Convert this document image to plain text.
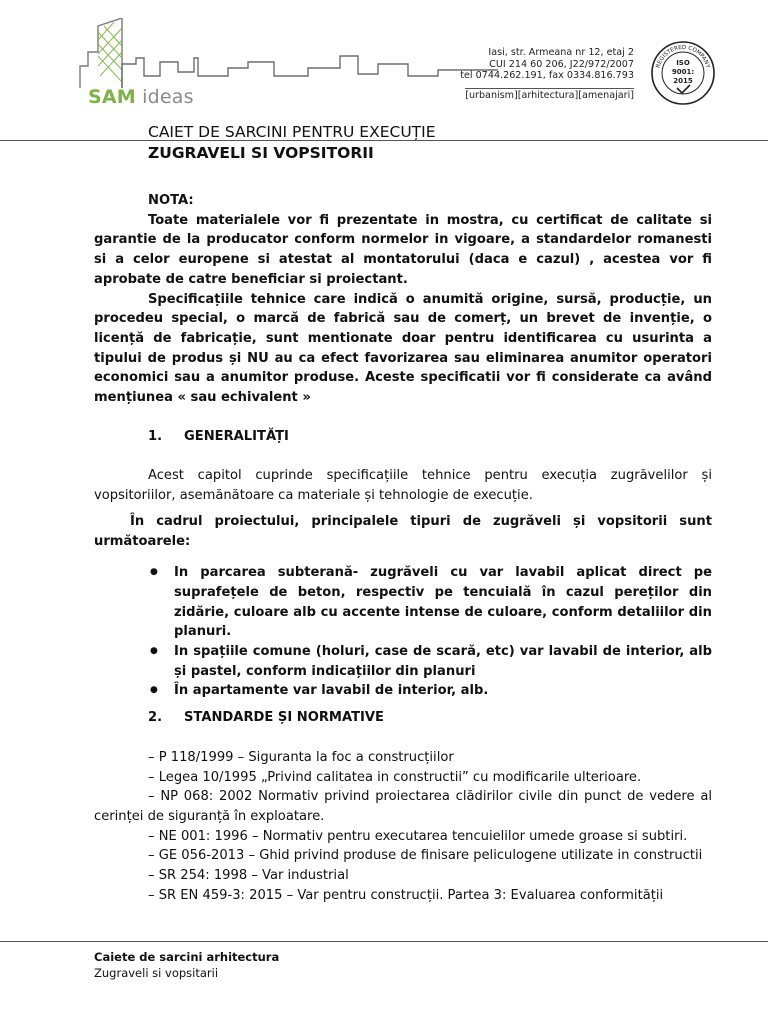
SAM ideas
Iasi, str. Armeana nr 12, etaj 2
CUI 214 60 206, J22/972/2007
tel 0744.262.191, fax 0334.816.793
[urbanism][arhitectura][amenajari]
REGISTERED COMPANY
ISO
9001:
2015
CAIET DE SARCINI PENTRU EXECUȚIE
ZUGRAVELI SI VOPSITORII

NOTA:

Toate materialele vor fi prezentate in mostra, cu certificat de calitate si garantie de la producator conform normelor in vigoare, a standardelor romanesti si a celor europene si atestat al montatorului (daca e cazul) , acestea vor fi aprobate de catre beneficiar si proiectant.

Specificațiile tehnice care indică o anumită origine, sursă, producție, un procedeu special, o marcă de fabrică sau de comerț, un brevet de invenție, o licență de fabricație, sunt mentionate doar pentru identificarea cu usurinta a tipului de produs și NU au ca efect favorizarea sau eliminarea anumitor operatori economici sau a anumitor produse. Aceste specificatii vor fi considerate ca având mențiunea « sau echivalent »

1. GENERALITĂȚI

Acest capitol cuprinde specificațiile tehnice pentru execuția zugrăvelilor și vopsitoriilor, asemănătoare ca materiale și tehnologie de execuție.

În cadrul proiectului, principalele tipuri de zugrăveli și vopsitorii sunt următoarele:

● In parcarea subterană- zugrăveli cu var lavabil aplicat direct pe suprafețele de beton, respectiv pe tencuială în cazul pereților din zidărie, culoare alb cu accente intense de culoare, conform detaliilor din planuri.
● In spațiile comune (holuri, case de scară, etc) var lavabil de interior, alb și pastel, conform indicațiilor din planuri
● În apartamente var lavabil de interior, alb.

2. STANDARDE ȘI NORMATIVE

– P 118/1999 – Siguranta la foc a construcțiilor

– Legea 10/1995 „Privind calitatea in constructii” cu modificarile ulterioare.

– NP 068: 2002 Normativ privind proiectarea clădirilor civile din punct de vedere al cerinței de siguranță în exploatare.

– NE 001: 1996 – Normativ pentru executarea tencuielilor umede groase si subtiri.

– GE 056-2013 – Ghid privind produse de finisare peliculogene utilizate in constructii

– SR 254: 1998 – Var industrial

– SR EN 459-3: 2015 – Var pentru construcții. Partea 3: Evaluarea conformității

Caiete de sarcini arhitectura
Zugraveli si vopsitarii
